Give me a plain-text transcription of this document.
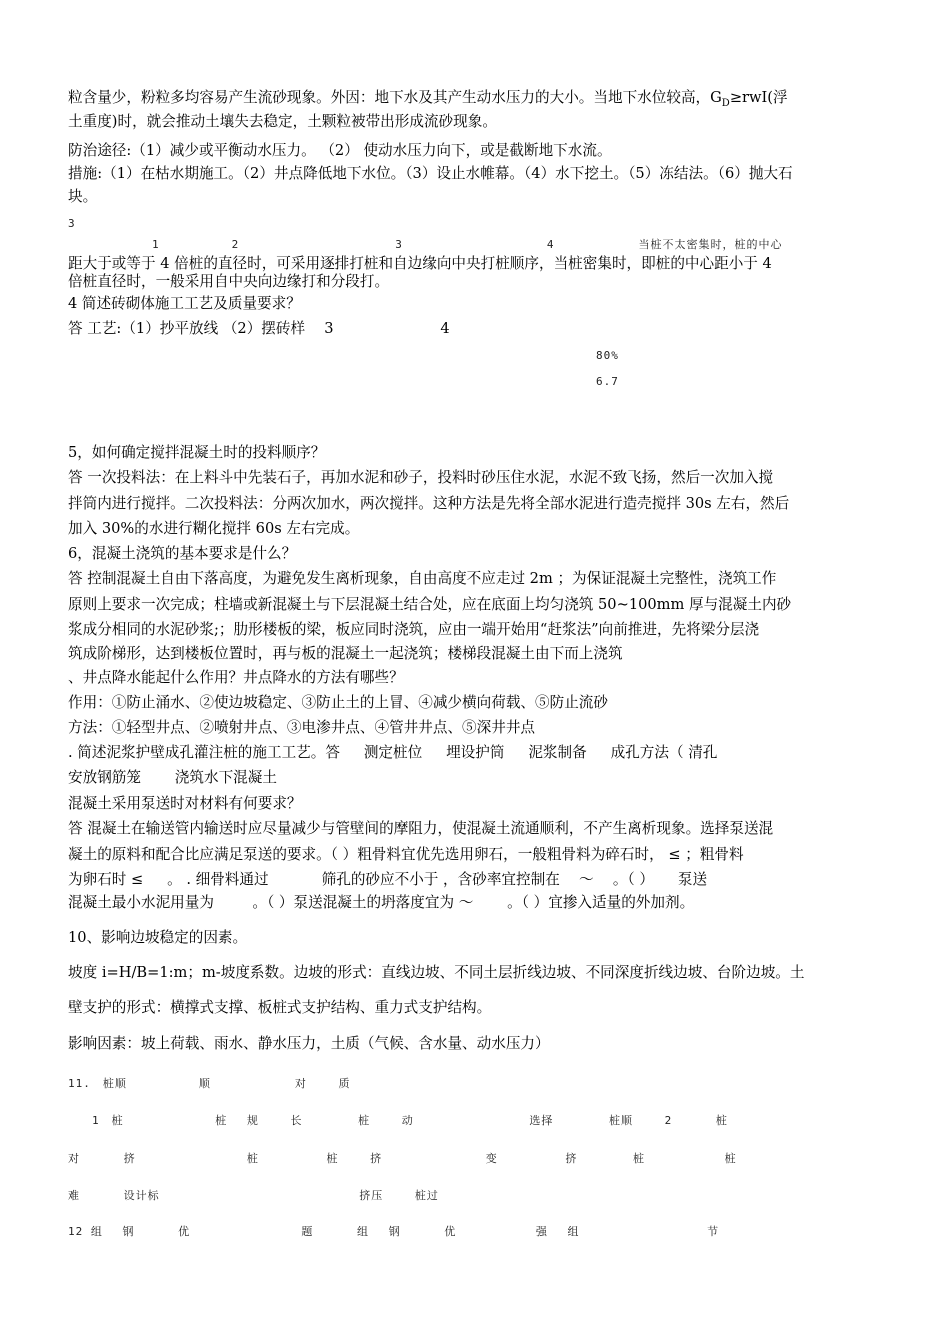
粒含量少，粉粒多均容易产生流砂现象。外因：地下水及其产生动水压力的大小。当地下水位较高，$G_D\ge rwI$(浮
土重度)时，就会推动土壤失去稳定，土颗粒被带出形成流砂现象。
防治途径:（1）减少或平衡动水压力。 （2） 使动水压力向下，或是截断地下水流。
措施:（1）在枯水期施工。（2）井点降低地下水位。（3）设止水帷幕。（4）水下挖土。（5）冻结法。（6）抛大石
块。
3　　　　　　　　　　　　　　　　　　　　　　
　　　　　　　1　　　　　　2　　　　　　　　　　　　　3　　　　　　　　　　　　4　　　　　　　当桩不太密集时，桩的中心
距大于或等于 4 倍桩的直径时，可采用逐排打桩和自边缘向中央打桩顺序，当桩密集时，即桩的中心距小于 4
倍桩直径时，一般采用自中央向边缘打和分段打。
4 简述砖砌体施工工艺及质量要求？
答 工艺:（1）抄平放线 （2）摆砖样 　3　　　　　　　 4　　　　
　　　　　　　　　　　　　　　　　　　　　　　　　　　　　　　　　　　　　　　　　　　　80%　　　　　　　　　　　　
　　　　　　　　　　　　　　　　　　　　　　　　　　　　　　　　　　　　　　　　　　　　6.7　　　　　　　　　　　　　　

5，如何确定搅拌混凝土时的投料顺序？
答 一次投料法：在上料斗中先装石子，再加水泥和砂子，投料时砂压住水泥，水泥不致飞扬，然后一次加入搅
拌筒内进行搅拌。二次投料法：分两次加水，两次搅拌。这种方法是先将全部水泥进行造壳搅拌 30s 左右，然后
加入 30%的水进行糊化搅拌 60s 左右完成。
6，混凝土浇筑的基本要求是什么？
答 控制混凝土自由下落高度，为避免发生离析现象，自由高度不应走过 2m ；为保证混凝土完整性，浇筑工作
原则上要求一次完成；柱墙或新混凝土与下层混凝土结合处，应在底面上均匀浇筑 50~100mm 厚与混凝土内砂
浆成分相同的水泥砂浆;；肋形楼板的梁，板应同时浇筑，应由一端开始用“赶浆法”向前推进，先将梁分层浇
筑成阶梯形，达到楼板位置时，再与板的混凝土一起浇筑；楼梯段混凝土由下而上浇筑
、井点降水能起什么作用？井点降水的方法有哪些？
作用：①防止涌水、②使边坡稳定、③防止土的上冒、④减少横向荷载、⑤防止流砂
方法：①轻型井点、②喷射井点、③电渗井点、④管井井点、⑤深井井点
. 简述泥浆护壁成孔灌注桩的施工工艺。答 　 测定桩位 　 埋设护筒 　 泥浆制备 　 成孔方法（ 清孔
安放钢筋笼 　　浇筑水下混凝土
混凝土采用泵送时对材料有何要求？
答 混凝土在输送管内输送时应尽量减少与管壁间的摩阻力，使混凝土流通顺利，不产生离析现象。选择泵送混
凝土的原料和配合比应满足泵送的要求。（ ）粗骨料宜优先选用卵石，一般粗骨料为碎石时， ≤ ；粗骨料
为卵石时 ≤ 　 。 . 细骨料通过 　　　 筛孔的砂应不小于 ，含砂率宜控制在 　～ 　。（ ） 　 泵送
混凝土最小水泥用量为 　　 。（ ）泵送混凝土的坍落度宜为 ～ 　　。（ ）宜掺入适量的外加剂。
10、影响边坡稳定的因素。
坡度 i=H/B=1:m；m-坡度系数。边坡的形式：直线边坡、不同土层折线边坡、不同深度折线边坡、台阶边坡。土
壁支护的形式：横撑式支撑、板桩式支护结构、重力式支护结构。
影响因素：坡上荷载、雨水、静水压力，土质（气候、含水量、动水压力）
11.　桩顺　　　　　　顺　　　　　　　对　　 质　　　　　　　　　
　　1　桩　　　　　　　 桩　 规　　 长　　　　 桩　　 动　　　　　　　　　 选择　　　　 桩顺　　 2　　　 桩
对　　　 挤　　　　 　　　　 桩　　　　　 桩　　 挤　　　　　　　　 变　　　　　 挤　　　　 桩　　　　　　 桩
难　　　 设计标　　　　　　　　　　　　　　　　 挤压　　 桩过　　
12 组　 钢　　　 优　　　　　　 　　 题　　　 组　 钢　　　 优　　　　　　 强　 组　　　　　　　　　　 节　　　　
